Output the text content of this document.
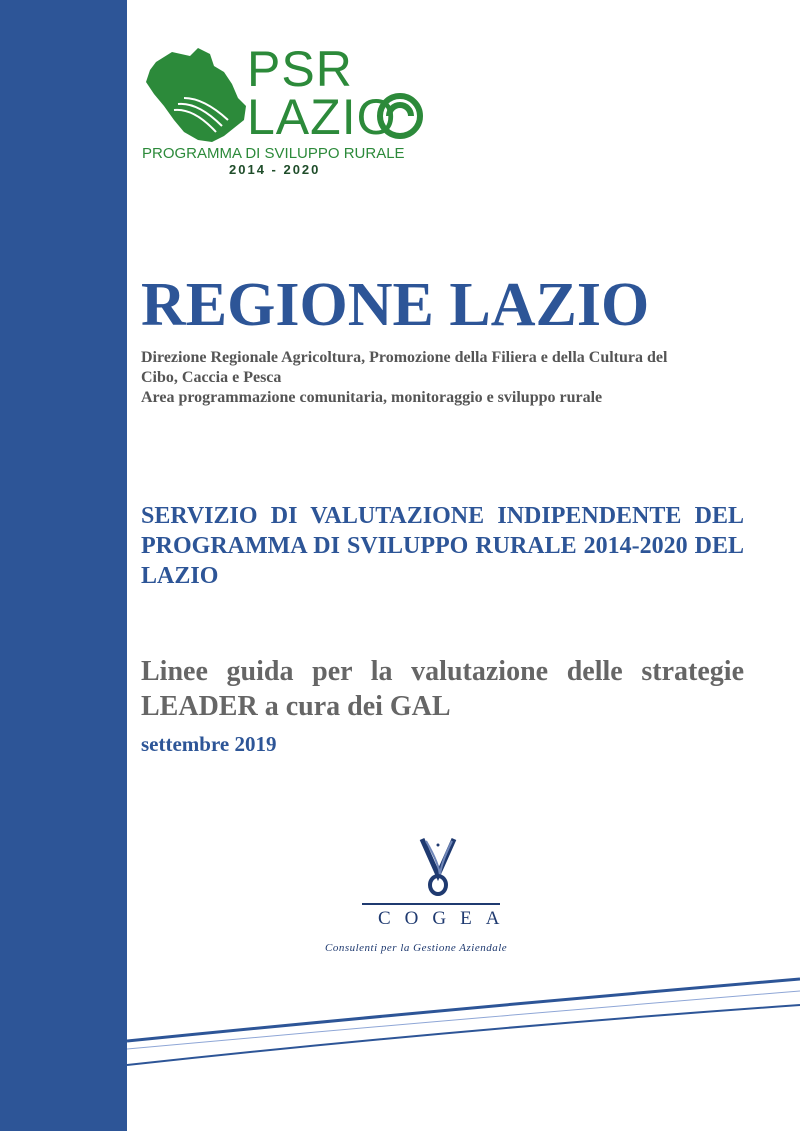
PSR
LAZIO
PROGRAMMA DI SVILUPPO RURALE
2014 - 2020
REGIONE LAZIO
Direzione Regionale Agricoltura, Promozione della Filiera e della Cultura del
Cibo, Caccia e Pesca
Area programmazione comunitaria, monitoraggio e sviluppo rurale
SERVIZIO DI VALUTAZIONE INDIPENDENTE DEL PROGRAMMA DI SVILUPPO RURALE 2014-2020 DEL LAZIO
Linee guida per la valutazione delle strategie LEADER a cura dei GAL
settembre 2019
COGEA
Consulenti per la Gestione Aziendale
